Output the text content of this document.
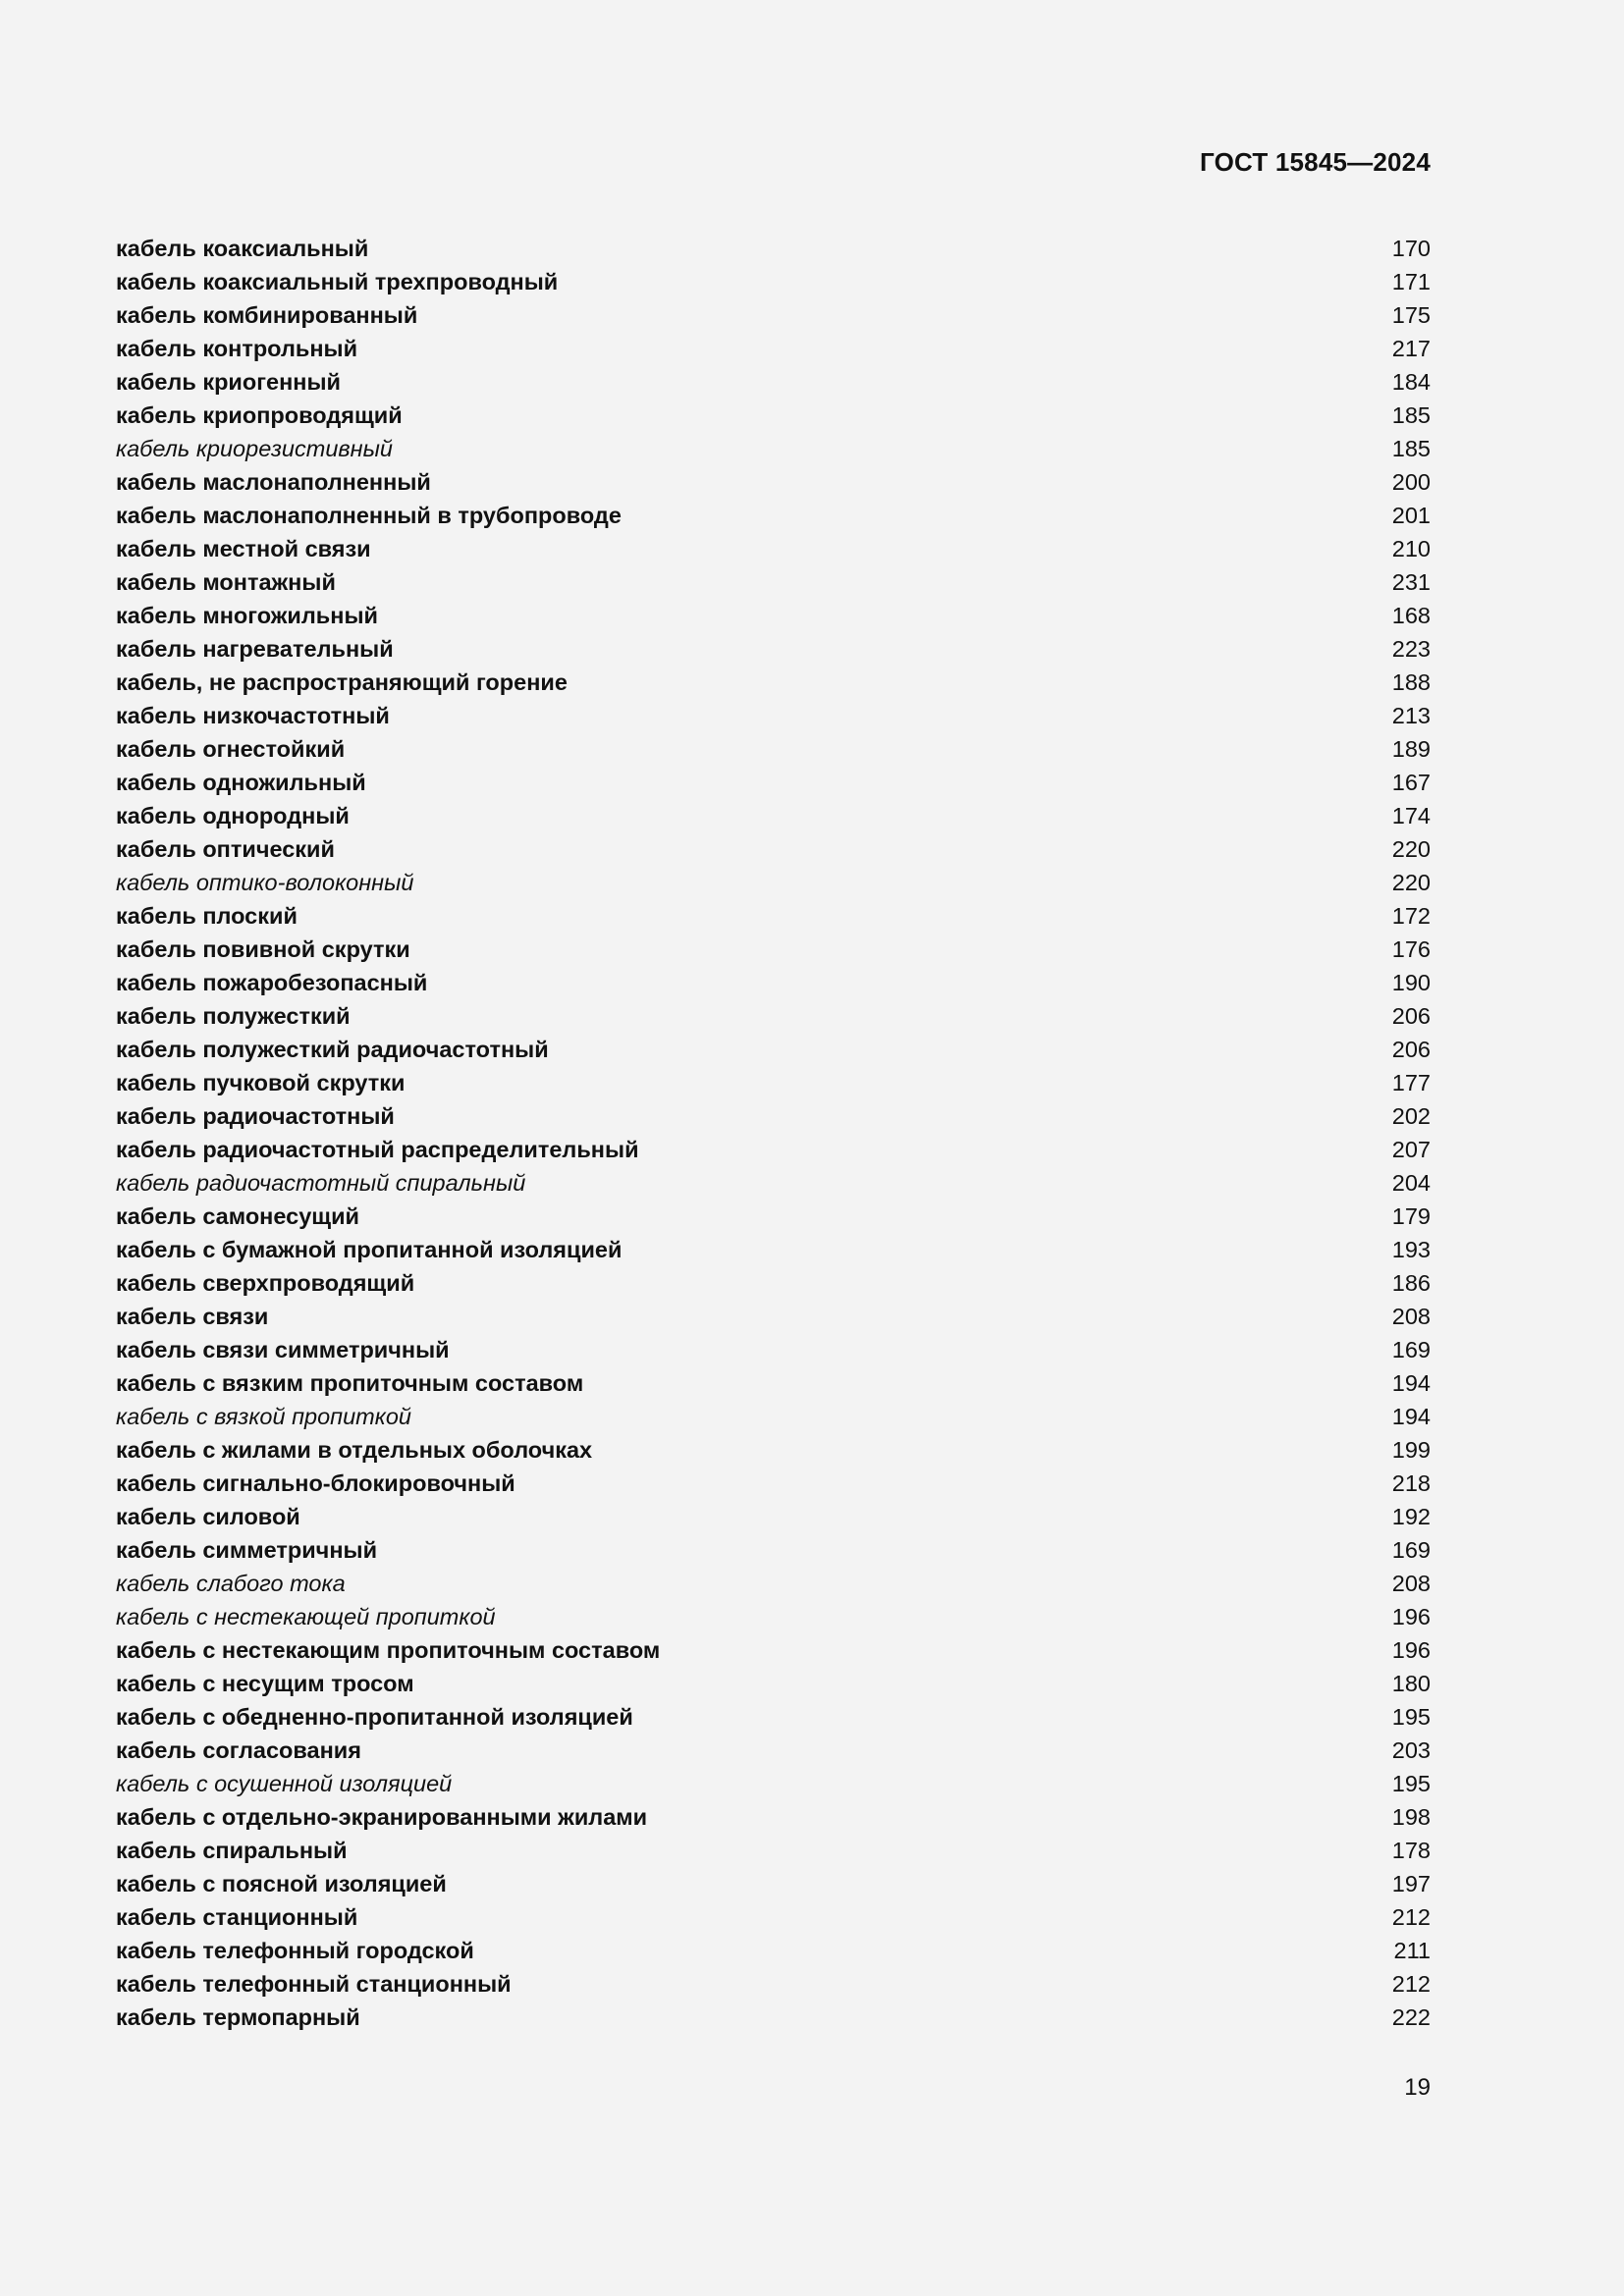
ГОСТ 15845—2024
кабель коаксиальный	170
кабель коаксиальный трехпроводный	171
кабель комбинированный	175
кабель контрольный	217
кабель криогенный	184
кабель криопроводящий	185
кабель криорезистивный	185
кабель маслонаполненный	200
кабель маслонаполненный в трубопроводе	201
кабель местной связи	210
кабель монтажный	231
кабель многожильный	168
кабель нагревательный	223
кабель, не распространяющий горение	188
кабель низкочастотный	213
кабель огнестойкий	189
кабель одножильный	167
кабель однородный	174
кабель оптический	220
кабель оптико-волоконный	220
кабель плоский	172
кабель повивной скрутки	176
кабель пожаробезопасный	190
кабель полужесткий	206
кабель полужесткий радиочастотный	206
кабель пучковой скрутки	177
кабель радиочастотный	202
кабель радиочастотный распределительный	207
кабель радиочастотный спиральный	204
кабель самонесущий	179
кабель с бумажной пропитанной изоляцией	193
кабель сверхпроводящий	186
кабель связи	208
кабель связи симметричный	169
кабель с вязким пропиточным составом	194
кабель с вязкой пропиткой	194
кабель с жилами в отдельных оболочках	199
кабель сигнально-блокировочный	218
кабель силовой	192
кабель симметричный	169
кабель слабого тока	208
кабель с нестекающей пропиткой	196
кабель с нестекающим пропиточным составом	196
кабель с несущим тросом	180
кабель с обедненно-пропитанной изоляцией	195
кабель согласования	203
кабель с осушенной изоляцией	195
кабель с отдельно-экранированными жилами	198
кабель спиральный	178
кабель с поясной изоляцией	197
кабель станционный	212
кабель телефонный городской	211
кабель телефонный станционный	212
кабель термопарный	222
19
